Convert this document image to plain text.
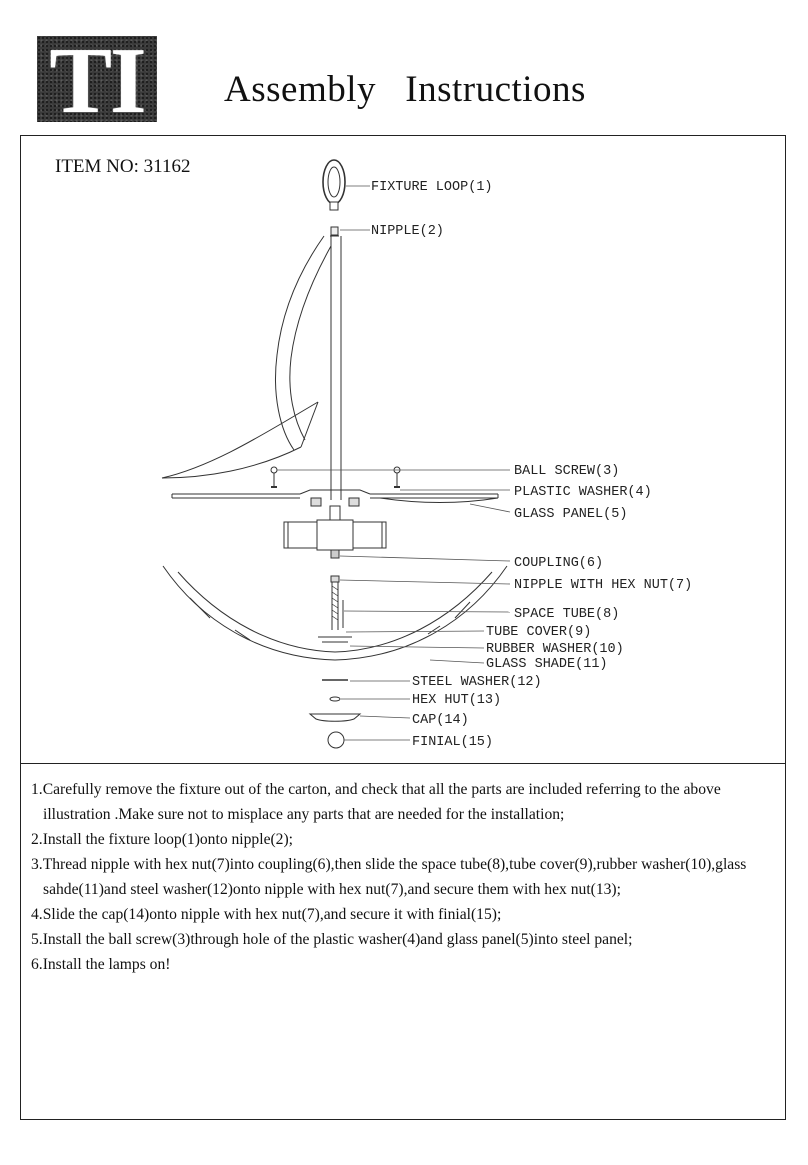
TI Assembly   Instructions
ITEM NO: 31162
FIXTURE LOOP(1)
NIPPLE(2)
BALL SCREW(3)
PLASTIC WASHER(4)
GLASS PANEL(5)
COUPLING(6)
NIPPLE WITH HEX NUT(7)
SPACE TUBE(8)
TUBE COVER(9)
RUBBER WASHER(10)
GLASS SHADE(11)
STEEL WASHER(12)
HEX HUT(13)
CAP(14)
FINIAL(15)
1.Carefully remove the fixture out of the carton, and check that all the parts are included referring to the above illustration .Make sure not to misplace any parts that are needed for the installation;
2.Install the fixture loop(1)onto nipple(2);
3.Thread nipple with hex nut(7)into coupling(6),then slide the space tube(8),tube cover(9),rubber washer(10),glass sahde(11)and steel washer(12)onto nipple with hex nut(7),and secure them with hex nut(13);
4.Slide the cap(14)onto nipple with hex nut(7),and secure it with finial(15);
5.Install the ball screw(3)through hole of the plastic washer(4)and glass panel(5)into steel panel;
6.Install the lamps on!
